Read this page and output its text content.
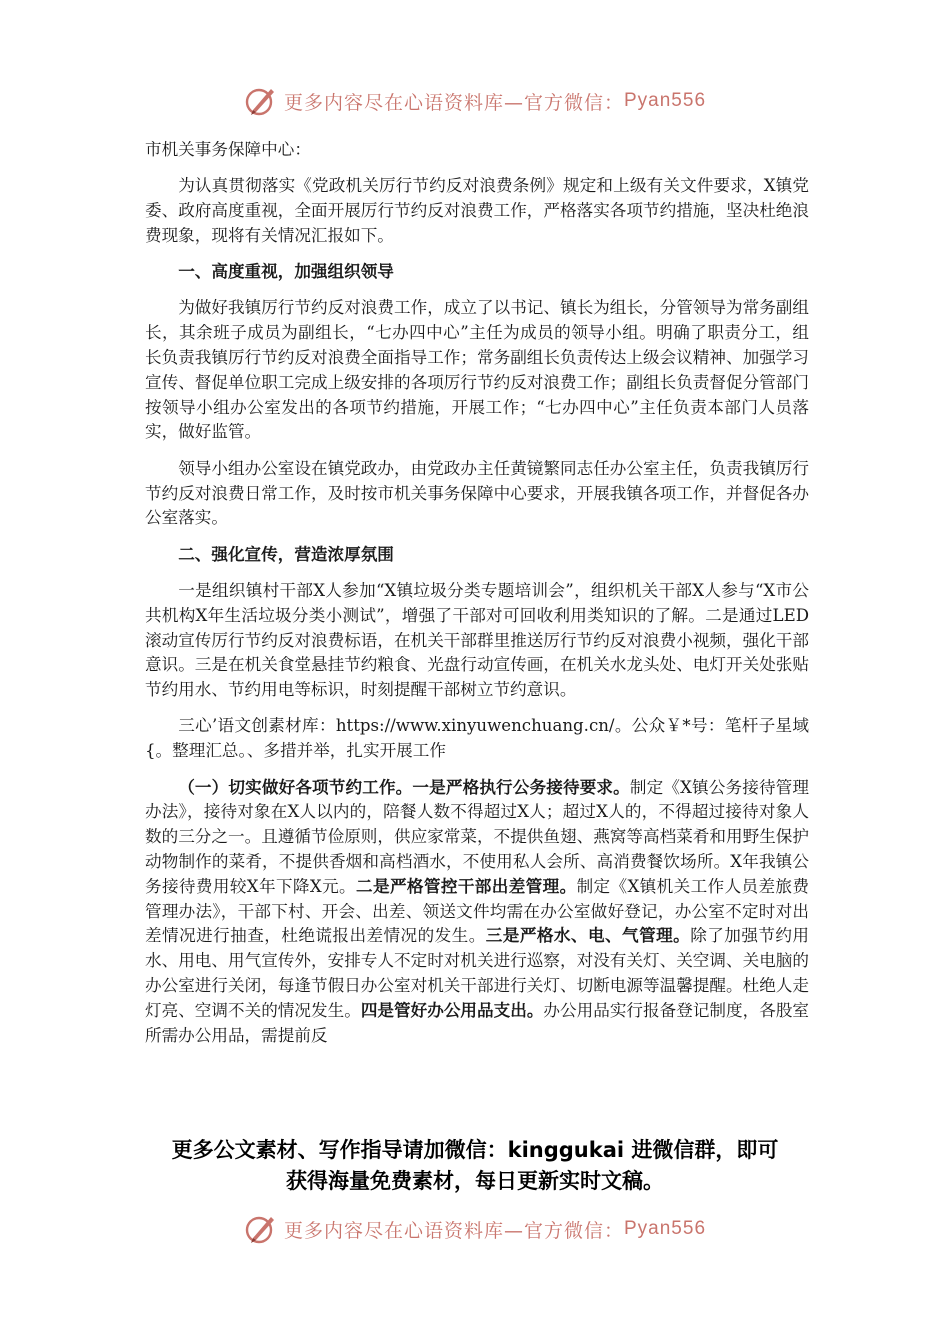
更多内容尽在心语资料库—官方微信： Pyan556

市机关事务保障中心：

为认真贯彻落实《党政机关厉行节约反对浪费条例》规定和上级有关文件要求，X镇党委、政府高度重视，全面开展厉行节约反对浪费工作，严格落实各项节约措施，坚决杜绝浪费现象，现将有关情况汇报如下。

一、高度重视，加强组织领导

为做好我镇厉行节约反对浪费工作，成立了以书记、镇长为组长，分管领导为常务副组长，其余班子成员为副组长，“七办四中心”主任为成员的领导小组。明确了职责分工，组长负责我镇厉行节约反对浪费全面指导工作；常务副组长负责传达上级会议精神、加强学习宣传、督促单位职工完成上级安排的各项厉行节约反对浪费工作；副组长负责督促分管部门按领导小组办公室发出的各项节约措施，开展工作；“七办四中心”主任负责本部门人员落实，做好监管。

领导小组办公室设在镇党政办，由党政办主任黄镜繁同志任办公室主任，负责我镇厉行节约反对浪费日常工作，及时按市机关事务保障中心要求，开展我镇各项工作，并督促各办公室落实。

二、强化宣传，营造浓厚氛围

一是组织镇村干部X人参加“X镇垃圾分类专题培训会”，组织机关干部X人参与“X市公共机构X年生活垃圾分类小测试”，增强了干部对可回收利用类知识的了解。二是通过LED滚动宣传厉行节约反对浪费标语，在机关干部群里推送厉行节约反对浪费小视频，强化干部意识。三是在机关食堂悬挂节约粮食、光盘行动宣传画，在机关水龙头处、电灯开关处张贴节约用水、节约用电等标识，时刻提醒干部树立节约意识。

三心’语文创素材库：https://www.xinyuwenchuang.cn/。公众￥*号：笔杆子星域{。整理汇总。、多措并举，扎实开展工作

（一）切实做好各项节约工作。一是严格执行公务接待要求。制定《X镇公务接待管理办法》，接待对象在X人以内的，陪餐人数不得超过X人；超过X人的，不得超过接待对象人数的三分之一。且遵循节俭原则，供应家常菜，不提供鱼翅、燕窝等高档菜肴和用野生保护动物制作的菜肴，不提供香烟和高档酒水，不使用私人会所、高消费餐饮场所。X年我镇公务接待费用较X年下降X元。二是严格管控干部出差管理。制定《X镇机关工作人员差旅费管理办法》，干部下村、开会、出差、领送文件均需在办公室做好登记，办公室不定时对出差情况进行抽查，杜绝谎报出差情况的发生。三是严格水、电、气管理。除了加强节约用水、用电、用气宣传外，安排专人不定时对机关进行巡察，对没有关灯、关空调、关电脑的办公室进行关闭，每逢节假日办公室对机关干部进行关灯、切断电源等温馨提醒。杜绝人走灯亮、空调不关的情况发生。四是管好办公用品支出。办公用品实行报备登记制度，各股室所需办公用品，需提前反

更多公文素材、写作指导请加微信：kinggukai 进微信群，即可
获得海量免费素材，每日更新实时文稿。
更多内容尽在心语资料库—官方微信： Pyan556
